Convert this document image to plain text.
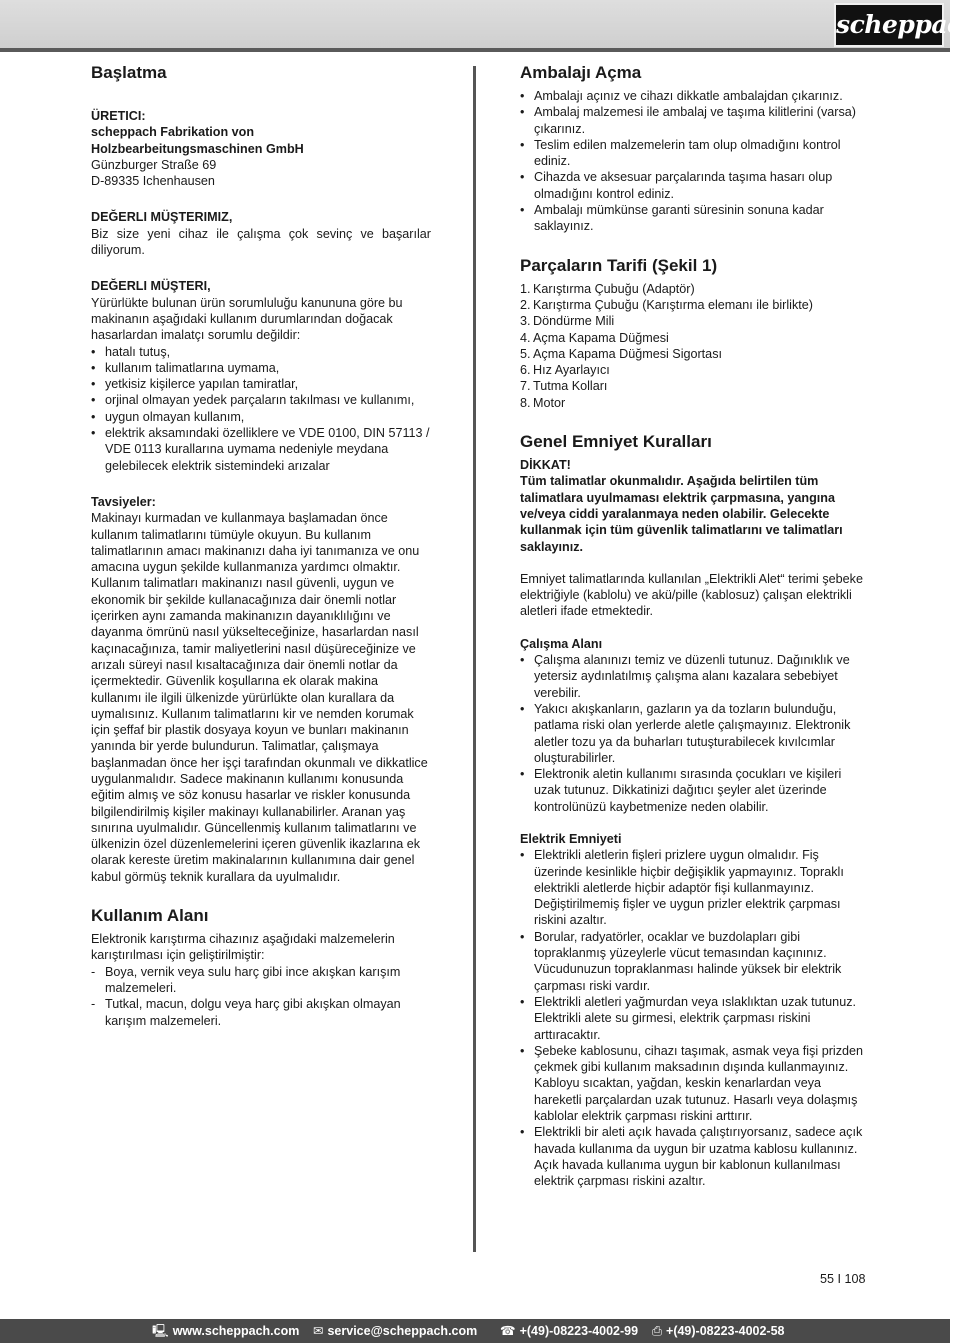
scheppach
Başlatma

ÜRETICI:

scheppach Fabrikation von

Holzbearbeitungsmaschinen GmbH

Günzburger Straße 69

D-89335 Ichenhausen

DEĞERLI MÜŞTERIMIZ,

Biz size yeni cihaz ile çalışma çok sevinç ve başarılar diliyorum.

DEĞERLI MÜŞTERI,

Yürürlükte bulunan ürün sorumluluğu kanununa göre bu makinanın aşağıdaki kullanım durumlarından doğacak hasarlardan imalatçı sorumlu değildir:

• hatalı tutuş,
• kullanım talimatlarına uymama,
• yetkisiz kişilerce yapılan tamiratlar,
• orjinal olmayan yedek parçaların takılması ve kullanımı,
• uygun olmayan kullanım,
• elektrik aksamındaki özelliklere ve VDE 0100, DIN 57113 / VDE 0113 kurallarına uymama nedeniyle meydana gelebilecek elektrik sistemindeki arızalar

Tavsiyeler:

Makinayı kurmadan ve kullanmaya başlamadan önce kullanım talimatlarını tümüyle okuyun. Bu kullanım talimatlarının amacı makinanızı daha iyi tanımanıza ve onu amacına uygun şekilde kullanmanıza yardımcı olmaktır. Kullanım talimatları makinanızı nasıl güvenli, uygun ve ekonomik bir şekilde kullanacağınıza dair önemli notlar içerirken aynı zamanda makinanızın dayanıklılığını ve dayanma ömrünü nasıl yükselteceğinize, hasarlardan nasıl kaçınacağınıza, tamir maliyetlerini nasıl düşüreceğinize ve arızalı süreyi nasıl kısaltacağınıza dair önemli notlar da içermektedir. Güvenlik koşullarına ek olarak makina kullanımı ile ilgili ülkenizde yürürlükte olan kurallara da uymalısınız. Kullanım talimatlarını kir ve nemden korumak için şeffaf bir plastik dosyaya koyun ve bunları makinanın yanında bir yerde bulundurun. Talimatlar, çalışmaya başlanmadan önce her işçi tarafından okunmalı ve dikkatlice uygulanmalıdır. Sadece makinanın kullanımı konusunda eğitim almış ve söz konusu hasarlar ve riskler konusunda bilgilendirilmiş kişiler makinayı kullanabilirler. Aranan yaş sınırına uyulmalıdır. Güncellenmiş kullanım talimatlarını ve ülkenizin özel düzenlemelerini içeren güvenlik ikazlarına ek olarak kereste üretim makinalarının kullanımına dair genel kabul görmüş teknik kurallara da uyulmalıdır.

Kullanım Alanı

Elektronik karıştırma cihazınız aşağıdaki malzemelerin karıştırılması için geliştirilmiştir:

- Boya, vernik veya sulu harç gibi ince akışkan karışım malzemeleri.
- Tutkal, macun, dolgu veya harç gibi akışkan olmayan karışım malzemeleri.
Ambalajı Açma
• Ambalajı açınız ve cihazı dikkatle ambalajdan çıkarınız.
• Ambalaj malzemesi ile ambalaj ve taşıma kilitlerini (varsa) çıkarınız.
• Teslim edilen malzemelerin tam olup olmadığını kontrol ediniz.
• Cihazda ve aksesuar parçalarında taşıma hasarı olup olmadığını kontrol ediniz.
• Ambalajı mümkünse garanti süresinin sonuna kadar saklayınız.
Parçaların Tarifi (Şekil 1)
1. Karıştırma Çubuğu (Adaptör)
2. Karıştırma Çubuğu (Karıştırma elemanı ile birlikte)
3. Döndürme Mili
4. Açma Kapama Düğmesi
5. Açma Kapama Düğmesi Sigortası
6. Hız Ayarlayıcı
7. Tutma Kolları
8. Motor
Genel Emniyet Kuralları

DİKKAT!

Tüm talimatlar okunmalıdır. Aşağıda belirtilen tüm talimatlara uyulmaması elektrik çarpmasına, yangına ve/veya ciddi yaralanmaya neden olabilir. Gelecekte kullanmak için tüm güvenlik talimatlarını ve talimatları saklayınız.

Emniyet talimatlarında kullanılan „Elektrikli Alet“ terimi şebeke elektriğiyle (kablolu) ve akü/pille (kablosuz) çalışan elektrikli aletleri ifade etmektedir.

Çalışma Alanı
• Çalışma alanınızı temiz ve düzenli tutunuz. Dağınıklık ve yetersiz aydınlatılmış çalışma alanı kazalara sebebiyet verebilir.
• Yakıcı akışkanların, gazların ya da tozların bulunduğu, patlama riski olan yerlerde aletle çalışmayınız. Elektronik aletler tozu ya da buharları tutuşturabilecek kıvılcımlar oluşturabilirler.
• Elektronik aletin kullanımı sırasında çocukları ve kişileri uzak tutunuz. Dikkatinizi dağıtıcı şeyler alet üzerinde kontrolünüzü kaybetmenize neden olabilir.
Elektrik Emniyeti
• Elektrikli aletlerin fişleri prizlere uygun olmalıdır. Fiş üzerinde kesinlikle hiçbir değişiklik yapmayınız. Topraklı elektrikli aletlerde hiçbir adaptör fişi kullanmayınız. Değiştirilmemiş fişler ve uygun prizler elektrik çarpması riskini azaltır.
• Borular, radyatörler, ocaklar ve buzdolapları gibi topraklanmış yüzeylerle vücut temasından kaçınınız. Vücudunuzun topraklanması halinde yüksek bir elektrik çarpması riski vardır.
• Elektrikli aletleri yağmurdan veya ıslaklıktan uzak tutunuz. Elektrikli alete su girmesi, elektrik çarpması riskini arttıracaktır.
• Şebeke kablosunu, cihazı taşımak, asmak veya fişi prizden çekmek gibi kullanım maksadının dışında kullanmayınız. Kabloyu sıcaktan, yağdan, keskin kenarlardan veya hareketli parçalardan uzak tutunuz. Hasarlı veya dolaşmış kablolar elektrik çarpması riskini arttırır.
• Elektrikli bir aleti açık havada çalıştırıyorsanız, sadece açık havada kullanıma da uygun bir uzatma kablosu kullanınız. Açık havada kullanıma uygun bir kablonun kullanılması elektrik çarpması riskini azaltır.
55 I 108
🖳 www.scheppach.com ✉ service@scheppach.com ☎ +(49)-08223-4002-99 ⎙ +(49)-08223-4002-58
